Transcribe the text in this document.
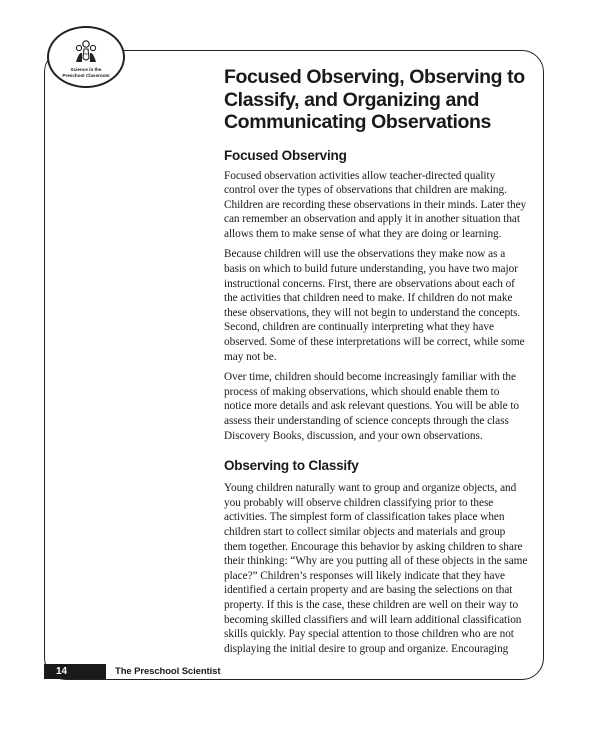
Science in the
Preschool Classroom	Focused Observing, Observing to Classify, and Organizing and Communicating Observations
Focused Observing

Focused observation activities allow teacher-directed quality control over the types of observations that children are making. Children are recording these observations in their minds. Later they can remember an observation and apply it in another situation that allows them to make sense of what they are doing or learning.

Because children will use the observations they make now as a basis on which to build future understanding, you have two major instructional concerns. First, there are observations about each of the activities that children need to make. If children do not make these observations, they will not begin to understand the concepts. Second, children are continually interpreting what they have observed. Some of these interpretations will be correct, while some may not be.

Over time, children should become increasingly familiar with the process of making observations, which should enable them to notice more details and ask relevant questions. You will be able to assess their understanding of science concepts through the class Discovery Books, discussion, and your own observations.

Observing to Classify

Young children naturally want to group and organize objects, and you probably will observe children classifying prior to these activities. The simplest form of classification takes place when children start to collect similar objects and materials and group them together. Encourage this behavior by asking children to share their thinking: “Why are you putting all of these objects in the same place?” Children’s responses will likely indicate that they have identified a certain property and are basing the selections on that property. If this is the case, these children are well on their way to becoming skilled classifiers and will learn additional classification skills quickly. Pay special attention to those children who are not displaying the initial desire to group and organize. Encouraging

14	The Preschool Scientist
